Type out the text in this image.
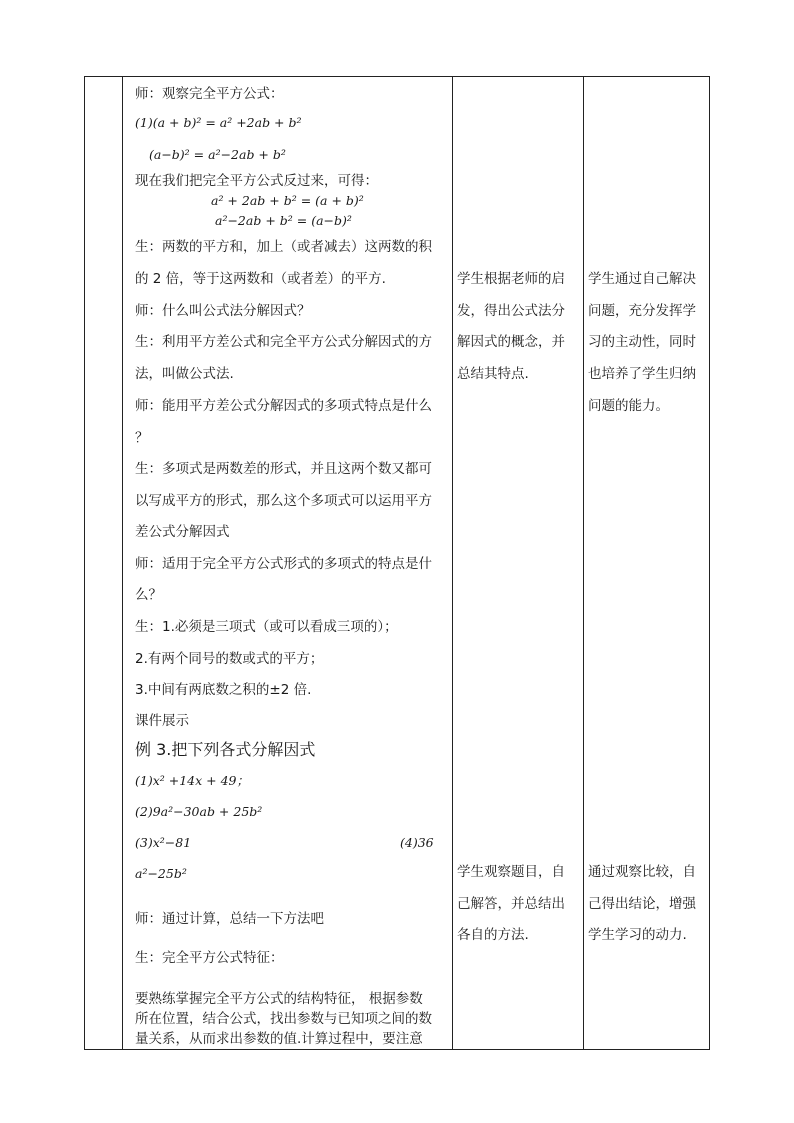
师：观察完全平方公式：
(1)(a + b)² = a² +2ab + b²
(a−b)² = a²−2ab + b²
现在我们把完全平方公式反过来，可得：
a² + 2ab + b² = (a + b)²
a²−2ab + b² = (a−b)²
生：两数的平方和，加上（或者减去）这两数的积
的 2 倍，等于这两数和（或者差）的平方.
师：什么叫公式法分解因式？
生：利用平方差公式和完全平方公式分解因式的方
法，叫做公式法.
师：能用平方差公式分解因式的多项式特点是什么
？
生：多项式是两数差的形式，并且这两个数又都可
以写成平方的形式，那么这个多项式可以运用平方
差公式分解因式
师：适用于完全平方公式形式的多项式的特点是什
么？
生：1.必须是三项式（或可以看成三项的）；
2.有两个同号的数或式的平方；
3.中间有两底数之积的±2 倍.
课件展示
例 3.把下列各式分解因式
(1)x² +14x + 49；
(2)9a²−30ab + 25b²
(3)x²−81	(4)36
a²−25b²
师：通过计算，总结一下方法吧
生：完全平方公式特征：
要熟练掌握完全平方公式的结构特征， 根据参数
所在位置，结合公式，找出参数与已知项之间的数
量关系，从而求出参数的值.计算过程中，要注意
学生根据老师的启
发，得出公式法分
解因式的概念，并
总结其特点.
学生观察题目，自
己解答，并总结出
各自的方法.
学生通过自己解决
问题，充分发挥学
习的主动性，同时
也培养了学生归纳
问题的能力。
通过观察比较，自
己得出结论，增强
学生学习的动力.
